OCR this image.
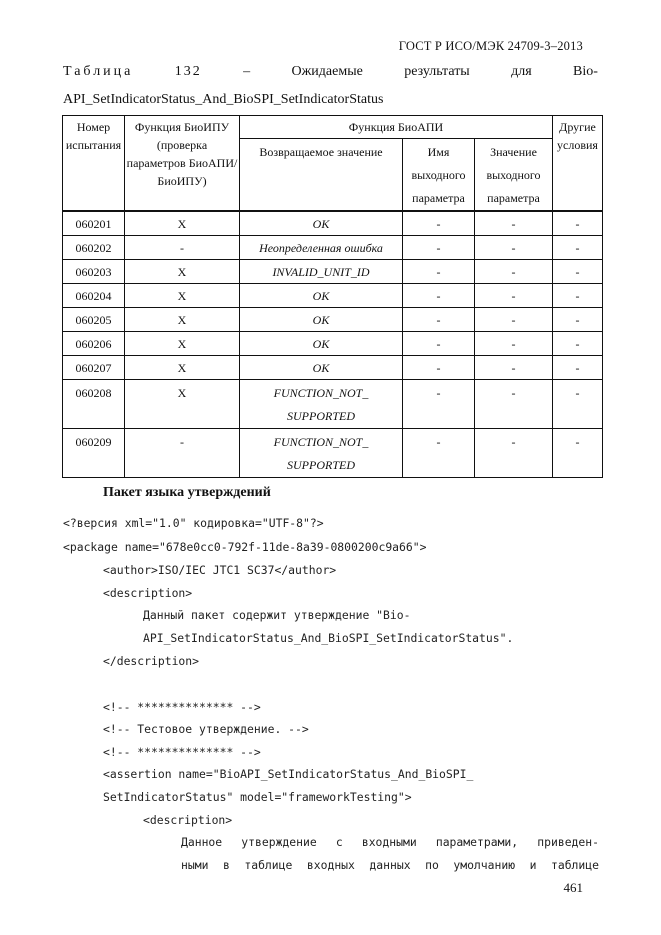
ГОСТ Р ИСО/МЭК 24709-3–2013
Таблица	132	–	Ожидаемые	результаты	для	Bio-
API_SetIndicatorStatus_And_BioSPI_SetIndicatorStatus
Номер испытания	Функция БиоИПУ (проверка параметров БиоАПИ/БиоИПУ)	Функция БиоАПИ			Другие условия
		Возвращаемое значение	Имя выходного параметра	Значение выходного параметра	
060201	X	OK	-	-	-
060202	-	Неопределенная ошибка	-	-	-
060203	X	INVALID_UNIT_ID	-	-	-
060204	X	OK	-	-	-
060205	X	OK	-	-	-
060206	X	OK	-	-	-
060207	X	OK	-	-	-
060208	X	FUNCTION_NOT_ SUPPORTED	-	-	-
060209	-	FUNCTION_NOT_ SUPPORTED	-	-	-
Пакет языка утверждений
<?версия xml="1.0" кодировка="UTF-8"?>
<package name="678e0cc0-792f-11de-8a39-0800200c9a66">
<author>ISO/IEC JTC1 SC37</author>
<description>
Данный пакет содержит утверждение "Bio-
API_SetIndicatorStatus_And_BioSPI_SetIndicatorStatus".
</description>
<!-- ************** -->
<!-- Тестовое утверждение. -->
<!-- ************** -->
<assertion name="BioAPI_SetIndicatorStatus_And_BioSPI_
SetIndicatorStatus" model="frameworkTesting">
<description>
Данное утверждение с входными параметрами, приведен-
ными в таблице входных данных по умолчанию и таблице
461
